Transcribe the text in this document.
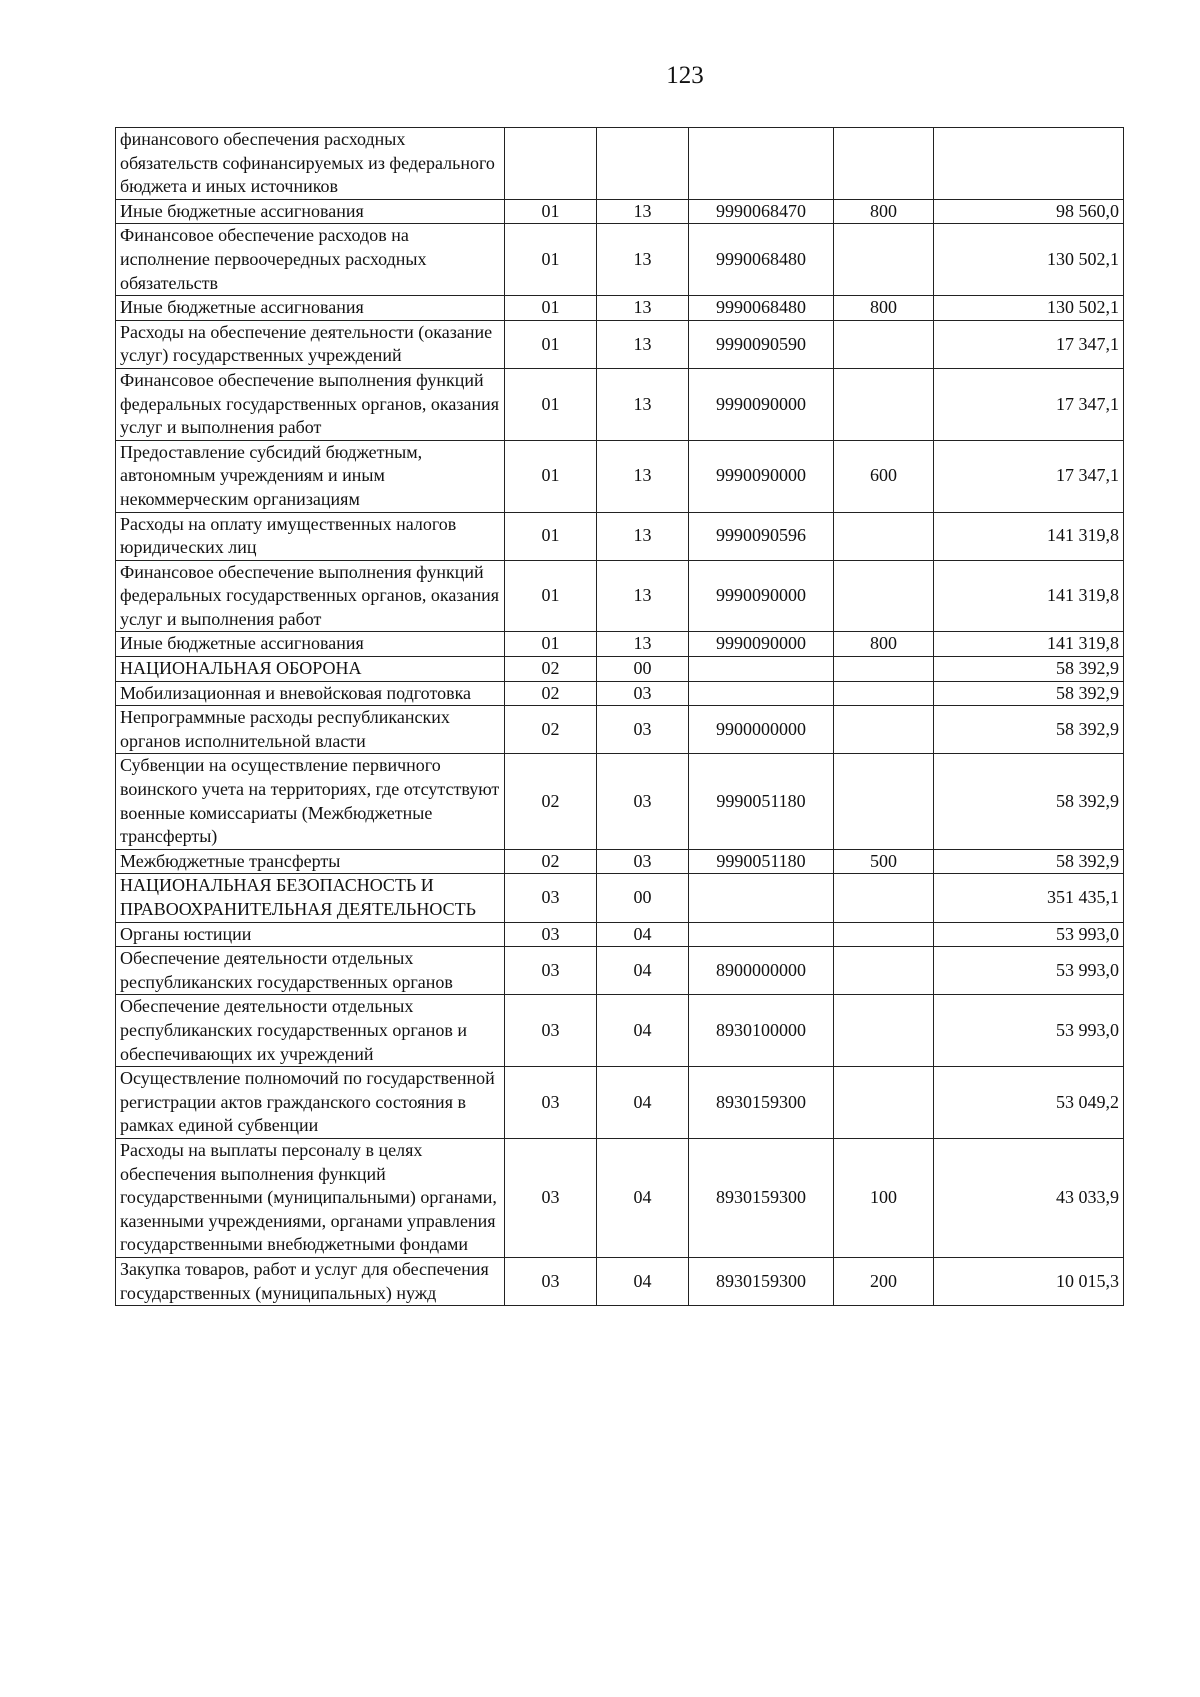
123
финансового обеспечения расходных обязательств софинансируемых из федерального бюджета и иных источников					
Иные бюджетные ассигнования	01	13	9990068470	800	98 560,0
Финансовое обеспечение расходов на исполнение первоочередных расходных обязательств	01	13	9990068480		130 502,1
Иные бюджетные ассигнования	01	13	9990068480	800	130 502,1
Расходы на обеспечение деятельности (оказание услуг) государственных учреждений	01	13	9990090590		17 347,1
Финансовое обеспечение выполнения функций федеральных государственных органов, оказания услуг и выполнения работ	01	13	9990090000		17 347,1
Предоставление субсидий бюджетным, автономным учреждениям и иным некоммерческим организациям	01	13	9990090000	600	17 347,1
Расходы на оплату имущественных налогов юридических лиц	01	13	9990090596		141 319,8
Финансовое обеспечение выполнения функций федеральных государственных органов, оказания услуг и выполнения работ	01	13	9990090000		141 319,8
Иные бюджетные ассигнования	01	13	9990090000	800	141 319,8
НАЦИОНАЛЬНАЯ ОБОРОНА	02	00			58 392,9
Мобилизационная и вневойсковая подготовка	02	03			58 392,9
Непрограммные расходы республиканских органов исполнительной власти	02	03	9900000000		58 392,9
Субвенции на осуществление первичного воинского учета на территориях, где отсутствуют военные комиссариаты (Межбюджетные трансферты)	02	03	9990051180		58 392,9
Межбюджетные трансферты	02	03	9990051180	500	58 392,9
НАЦИОНАЛЬНАЯ БЕЗОПАСНОСТЬ И ПРАВООХРАНИТЕЛЬНАЯ ДЕЯТЕЛЬНОСТЬ	03	00			351 435,1
Органы юстиции	03	04			53 993,0
Обеспечение деятельности отдельных республиканских государственных органов	03	04	8900000000		53 993,0
Обеспечение деятельности отдельных республиканских государственных органов и обеспечивающих их учреждений	03	04	8930100000		53 993,0
Осуществление полномочий по государственной регистрации актов гражданского состояния в рамках единой субвенции	03	04	8930159300		53 049,2
Расходы на выплаты персоналу в целях обеспечения выполнения функций государственными (муниципальными) органами, казенными учреждениями, органами управления государственными внебюджетными фондами	03	04	8930159300	100	43 033,9
Закупка товаров, работ и услуг для обеспечения государственных (муниципальных) нужд	03	04	8930159300	200	10 015,3
